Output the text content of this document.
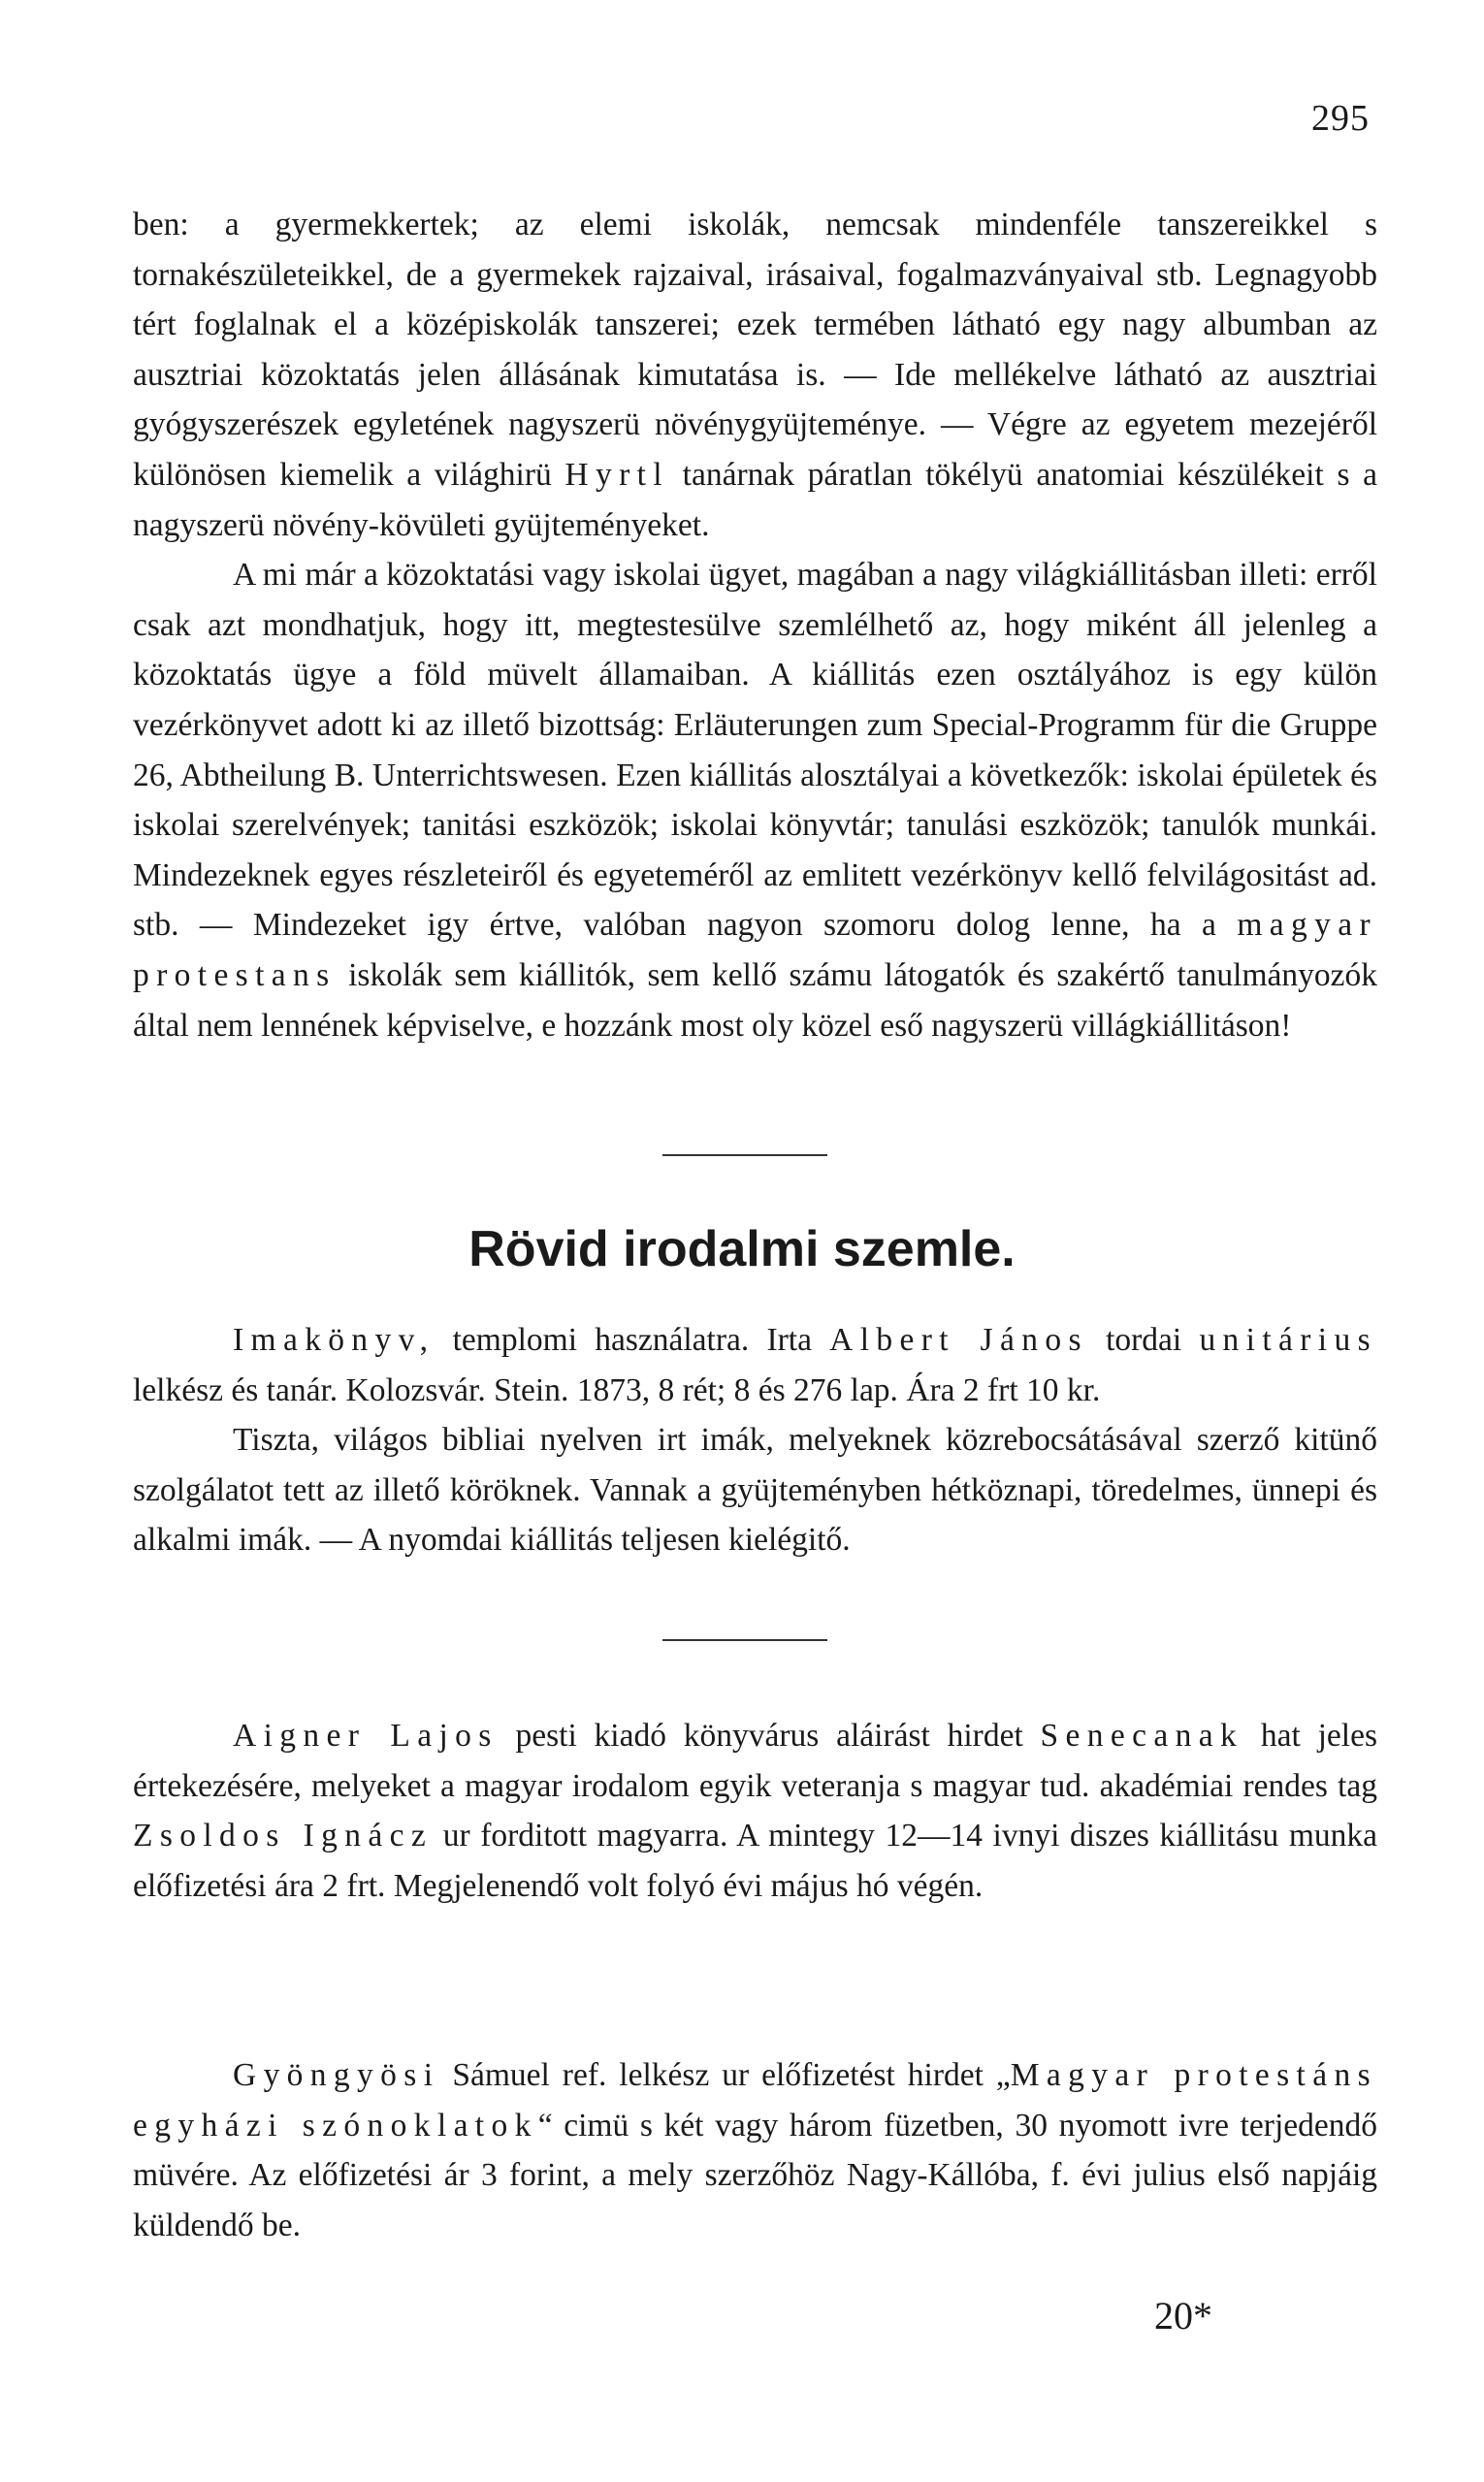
295

ben: a gyermekkertek; az elemi iskolák, nemcsak mindenféle tanszereikkel s tornakészületeikkel, de a gyermekek rajzaival, irásaival, fogalmazványaival stb. Legnagyobb tért foglalnak el a középiskolák tanszerei; ezek termében látható egy nagy albumban az ausztriai közoktatás jelen állásának kimutatása is. — Ide mellékelve látható az ausztriai gyógyszerészek egyletének nagyszerü növénygyüjteménye. — Végre az egyetem mezejéről különösen kiemelik a világhirü Hyrtl tanárnak páratlan tökélyü anatomiai készülékeit s a nagyszerü növény-kövületi gyüjteményeket.

A mi már a közoktatási vagy iskolai ügyet, magában a nagy világkiállitásban illeti: erről csak azt mondhatjuk, hogy itt, megtestesülve szemlélhető az, hogy miként áll jelenleg a közoktatás ügye a föld müvelt államaiban. A kiállitás ezen osztályához is egy külön vezérkönyvet adott ki az illető bizottság: Erläuterungen zum Special-Programm für die Gruppe 26, Abtheilung B. Unterrichtswesen. Ezen kiállitás alosztályai a következők: iskolai épületek és iskolai szerelvények; tanitási eszközök; iskolai könyvtár; tanulási eszközök; tanulók munkái. Mindezeknek egyes részleteiről és egyeteméről az emlitett vezérkönyv kellő felvilágositást ad. stb. — Mindezeket igy értve, valóban nagyon szomoru dolog lenne, ha a magyar protestans iskolák sem kiállitók, sem kellő számu látogatók és szakértő tanulmányozók által nem lennének képviselve, e hozzánk most oly közel eső nagyszerü villágkiállitáson!

Rövid irodalmi szemle.

Imakönyv, templomi használatra. Irta Albert János tordai unitárius lelkész és tanár. Kolozsvár. Stein. 1873, 8 rét; 8 és 276 lap. Ára 2 frt 10 kr.

Tiszta, világos bibliai nyelven irt imák, melyeknek közrebocsátásával szerző kitünő szolgálatot tett az illető köröknek. Vannak a gyüjteményben hétköznapi, töredelmes, ünnepi és alkalmi imák. — A nyomdai kiállitás teljesen kielégitő.

Aigner Lajos pesti kiadó könyvárus aláirást hirdet Senecanak hat jeles értekezésére, melyeket a magyar irodalom egyik veteranja s magyar tud. akadémiai rendes tag Zsoldos Ignácz ur forditott magyarra. A mintegy 12—14 ivnyi diszes kiállitásu munka előfizetési ára 2 frt. Megjelenendő volt folyó évi május hó végén.

Gyöngyösi Sámuel ref. lelkész ur előfizetést hirdet „Magyar protestáns egyházi szónoklatok“ cimü s két vagy három füzetben, 30 nyomott ivre terjedendő müvére. Az előfizetési ár 3 forint, a mely szerzőhöz Nagy-Kállóba, f. évi julius első napjáig küldendő be.

20*
